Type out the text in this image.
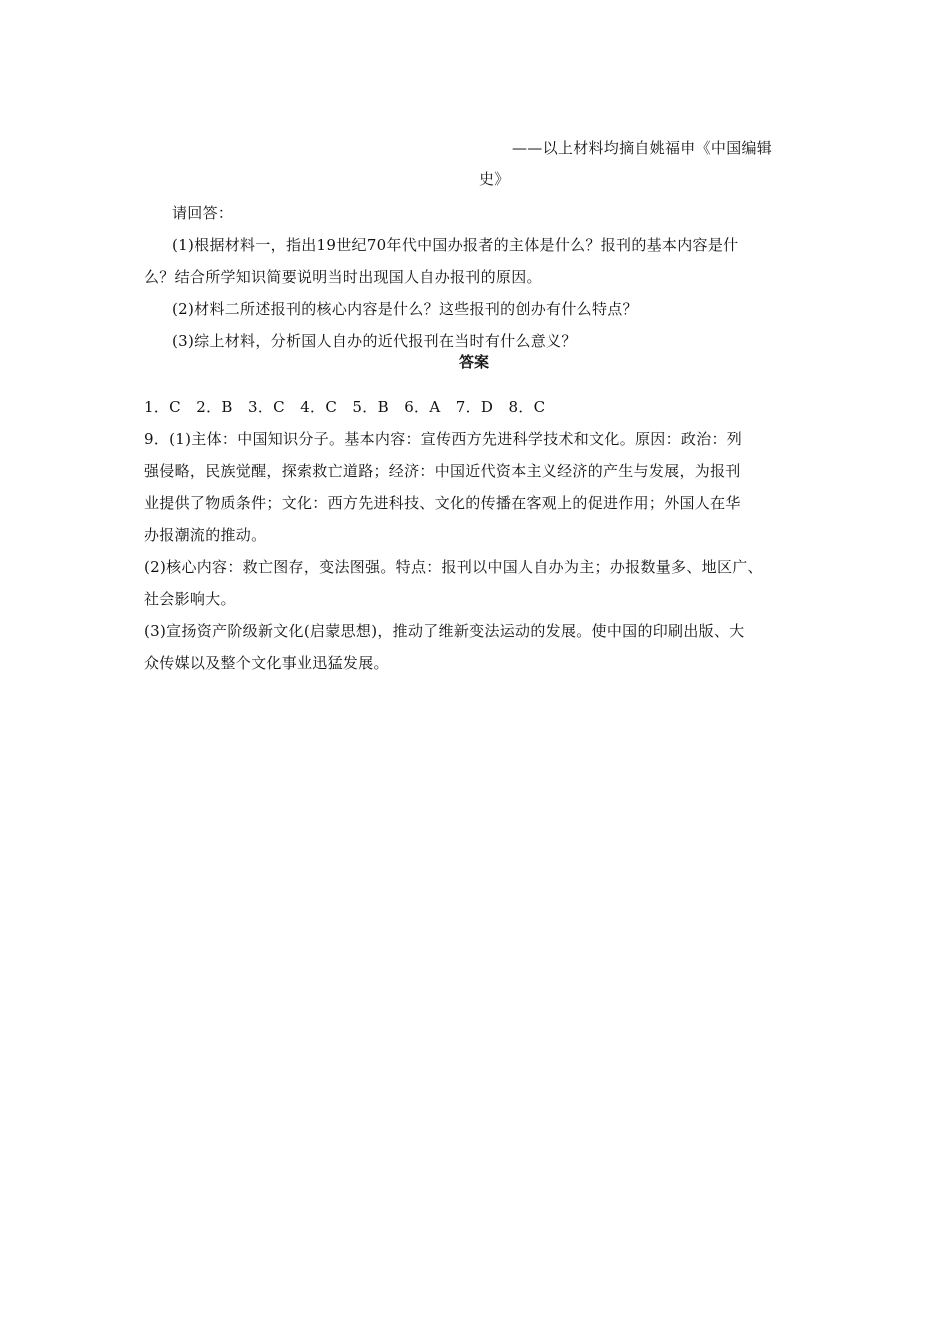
——以上材料均摘自姚福申《中国编辑
史》
请回答：
(1)根据材料一，指出19世纪70年代中国办报者的主体是什么？报刊的基本内容是什
么？结合所学知识简要说明当时出现国人自办报刊的原因。
(2)材料二所述报刊的核心内容是什么？这些报刊的创办有什么特点？
(3)综上材料，分析国人自办的近代报刊在当时有什么意义？
答案
1．C　2．B　3．C　4．C　5．B　6．A　7．D　8．C
9．(1)主体：中国知识分子。基本内容：宣传西方先进科学技术和文化。原因：政治：列
强侵略，民族觉醒，探索救亡道路；经济：中国近代资本主义经济的产生与发展，为报刊
业提供了物质条件；文化：西方先进科技、文化的传播在客观上的促进作用；外国人在华
办报潮流的推动。
(2)核心内容：救亡图存，变法图强。特点：报刊以中国人自办为主；办报数量多、地区广、
社会影响大。
(3)宣扬资产阶级新文化(启蒙思想)，推动了维新变法运动的发展。使中国的印刷出版、大
众传媒以及整个文化事业迅猛发展。
